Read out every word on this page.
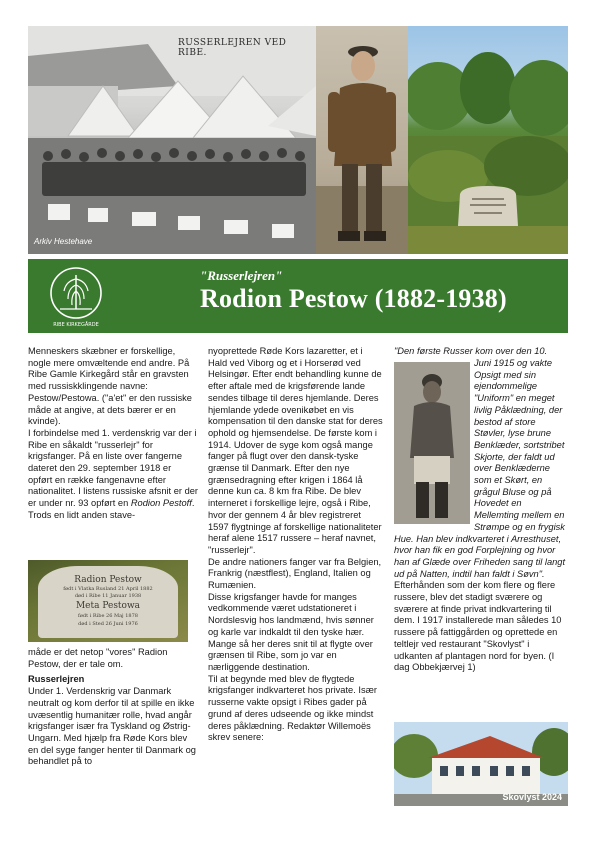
RUSSERLEJREN VED RIBE.
Arkiv Hestehave
RIBE KIRKEGÅRDE
"Russerlejren"
Rodion Pestow (1882-1938)

Menneskers skæbner er forskellige, nogle mere omvæltende end andre. På Ribe Gamle Kirkegård står en gravsten med russiskklingende navne: Pestow/Pestowa. ("a'et" er den russiske måde at angive, at dets bærer er en kvinde).

I forbindelse med 1. verdenskrig var der i Ribe en såkaldt "russerlejr" for krigsfanger. På en liste over fangerne dateret den 29. september 1918 er opført en række fangenavne efter nationalitet. I listens russiske afsnit er der er under nr. 93 opført en Rodion Pestoff. Trods en lidt anden stave-

Radion Pestow
født i Vlatka Rusland 21 April 1882
død i Ribe 11 Januar 1938
Meta Pestowa
født i Ribe 26 Maj 1878
død i Sted 26 Juni 1976

måde er det netop "vores" Radion Pestow, der er tale om.

Russerlejren

Under 1. Verdenskrig var Danmark neutralt og kom derfor til at spille en ikke uvæsentlig humanitær rolle, hvad angår krigsfanger især fra Tyskland og Østrig-Ungarn. Med hjælp fra Røde Kors blev en del syge fanger henter til Danmark og behandlet på to

nyoprettede Røde Kors lazaretter, et i Hald ved Viborg og et i Horserød ved Helsingør. Efter endt behandling kunne de efter aftale med de krigsførende lande sendes tilbage til deres hjemlande. Deres hjemlande ydede ovenikøbet en vis kompensation til den danske stat for deres ophold og hjemsendelse. De første kom i 1914. Udover de syge kom også mange fanger på flugt over den dansk-tyske grænse til Danmark. Efter den nye grænsedragning efter krigen i 1864 lå denne kun ca. 8 km fra Ribe. De blev interneret i forskellige lejre, også i Ribe, hvor der gennem 4 år blev registreret 1597 flygtninge af forskellige nationaliteter heraf alene 1517 russere – heraf navnet, "russerlejr".

De andre nationers fanger var fra Belgien, Frankrig (næstflest), England, Italien og Rumænien.

Disse krigsfanger havde for manges vedkommende været udstationeret i Nordslesvig hos landmænd, hvis sønner og karle var indkaldt til den tyske hær. Mange så her deres snit til at flygte over grænsen til Ribe, som jo var en nærliggende destination.

Til at begynde med blev de flygtede krigsfanger indkvarteret hos private. Især russerne vakte opsigt i Ribes gader på grund af deres udseende og ikke mindst deres påklædning. Redaktør Willemoës skrev senere:

"Den første Russer kom over den 10.

Juni 1915 og vakte Opsigt med sin ejendommelige "Uniform" en meget livlig Påklædning, der bestod af store Støvler, lyse brune Benklæder, sortstribet Skjorte, der faldt ud over Benklæderne som et Skørt, en grågul Bluse og på Hovedet en Mellemting mellem en Strømpe og en frygisk Hue. Han blev indkvarteret i Arresthuset, hvor han fik en god Forplejning og hvor han af Glæde over Friheden sang til langt ud på Natten, indtil han faldt i Søvn".

Efterhånden som der kom flere og flere russere, blev det stadigt sværere og sværere at finde privat indkvartering til dem. I 1917 installerede man således 10 russere på fattiggården og oprettede en teltlejr ved restaurant "Skovlyst" i udkanten af plantagen nord for byen. (I dag Obbekjærvej 1)

Skovlyst 2024
